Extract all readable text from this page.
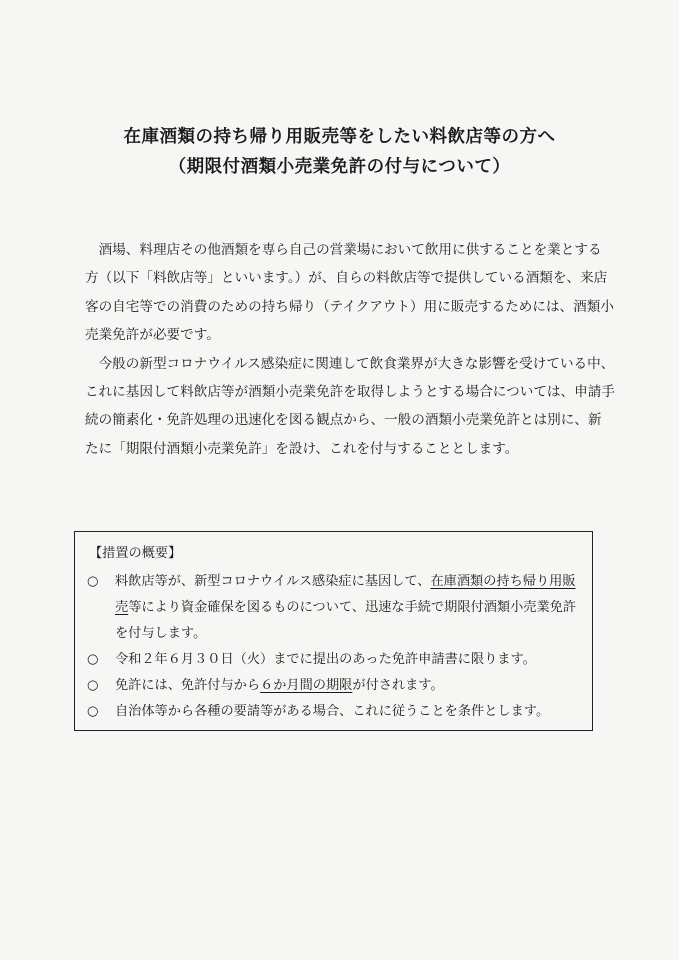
在庫酒類の持ち帰り用販売等をしたい料飲店等の方へ
（期限付酒類小売業免許の付与について）

酒場、料理店その他酒類を専ら自己の営業場において飲用に供することを業とする方（以下「料飲店等」といいます。）が、自らの料飲店等で提供している酒類を、来店客の自宅等での消費のための持ち帰り（テイクアウト）用に販売するためには、酒類小売業免許が必要です。

今般の新型コロナウイルス感染症に関連して飲食業界が大きな影響を受けている中、これに基因して料飲店等が酒類小売業免許を取得しようとする場合については、申請手続の簡素化・免許処理の迅速化を図る観点から、一般の酒類小売業免許とは別に、新たに「期限付酒類小売業免許」を設け、これを付与することとします。

【措置の概要】
○	料飲店等が、新型コロナウイルス感染症に基因して、在庫酒類の持ち帰り用販売等により資金確保を図るものについて、迅速な手続で期限付酒類小売業免許を付与します。
○	令和２年６月３０日（火）までに提出のあった免許申請書に限ります。
○	免許には、免許付与から６か月間の期限が付されます。
○	自治体等から各種の要請等がある場合、これに従うことを条件とします。
